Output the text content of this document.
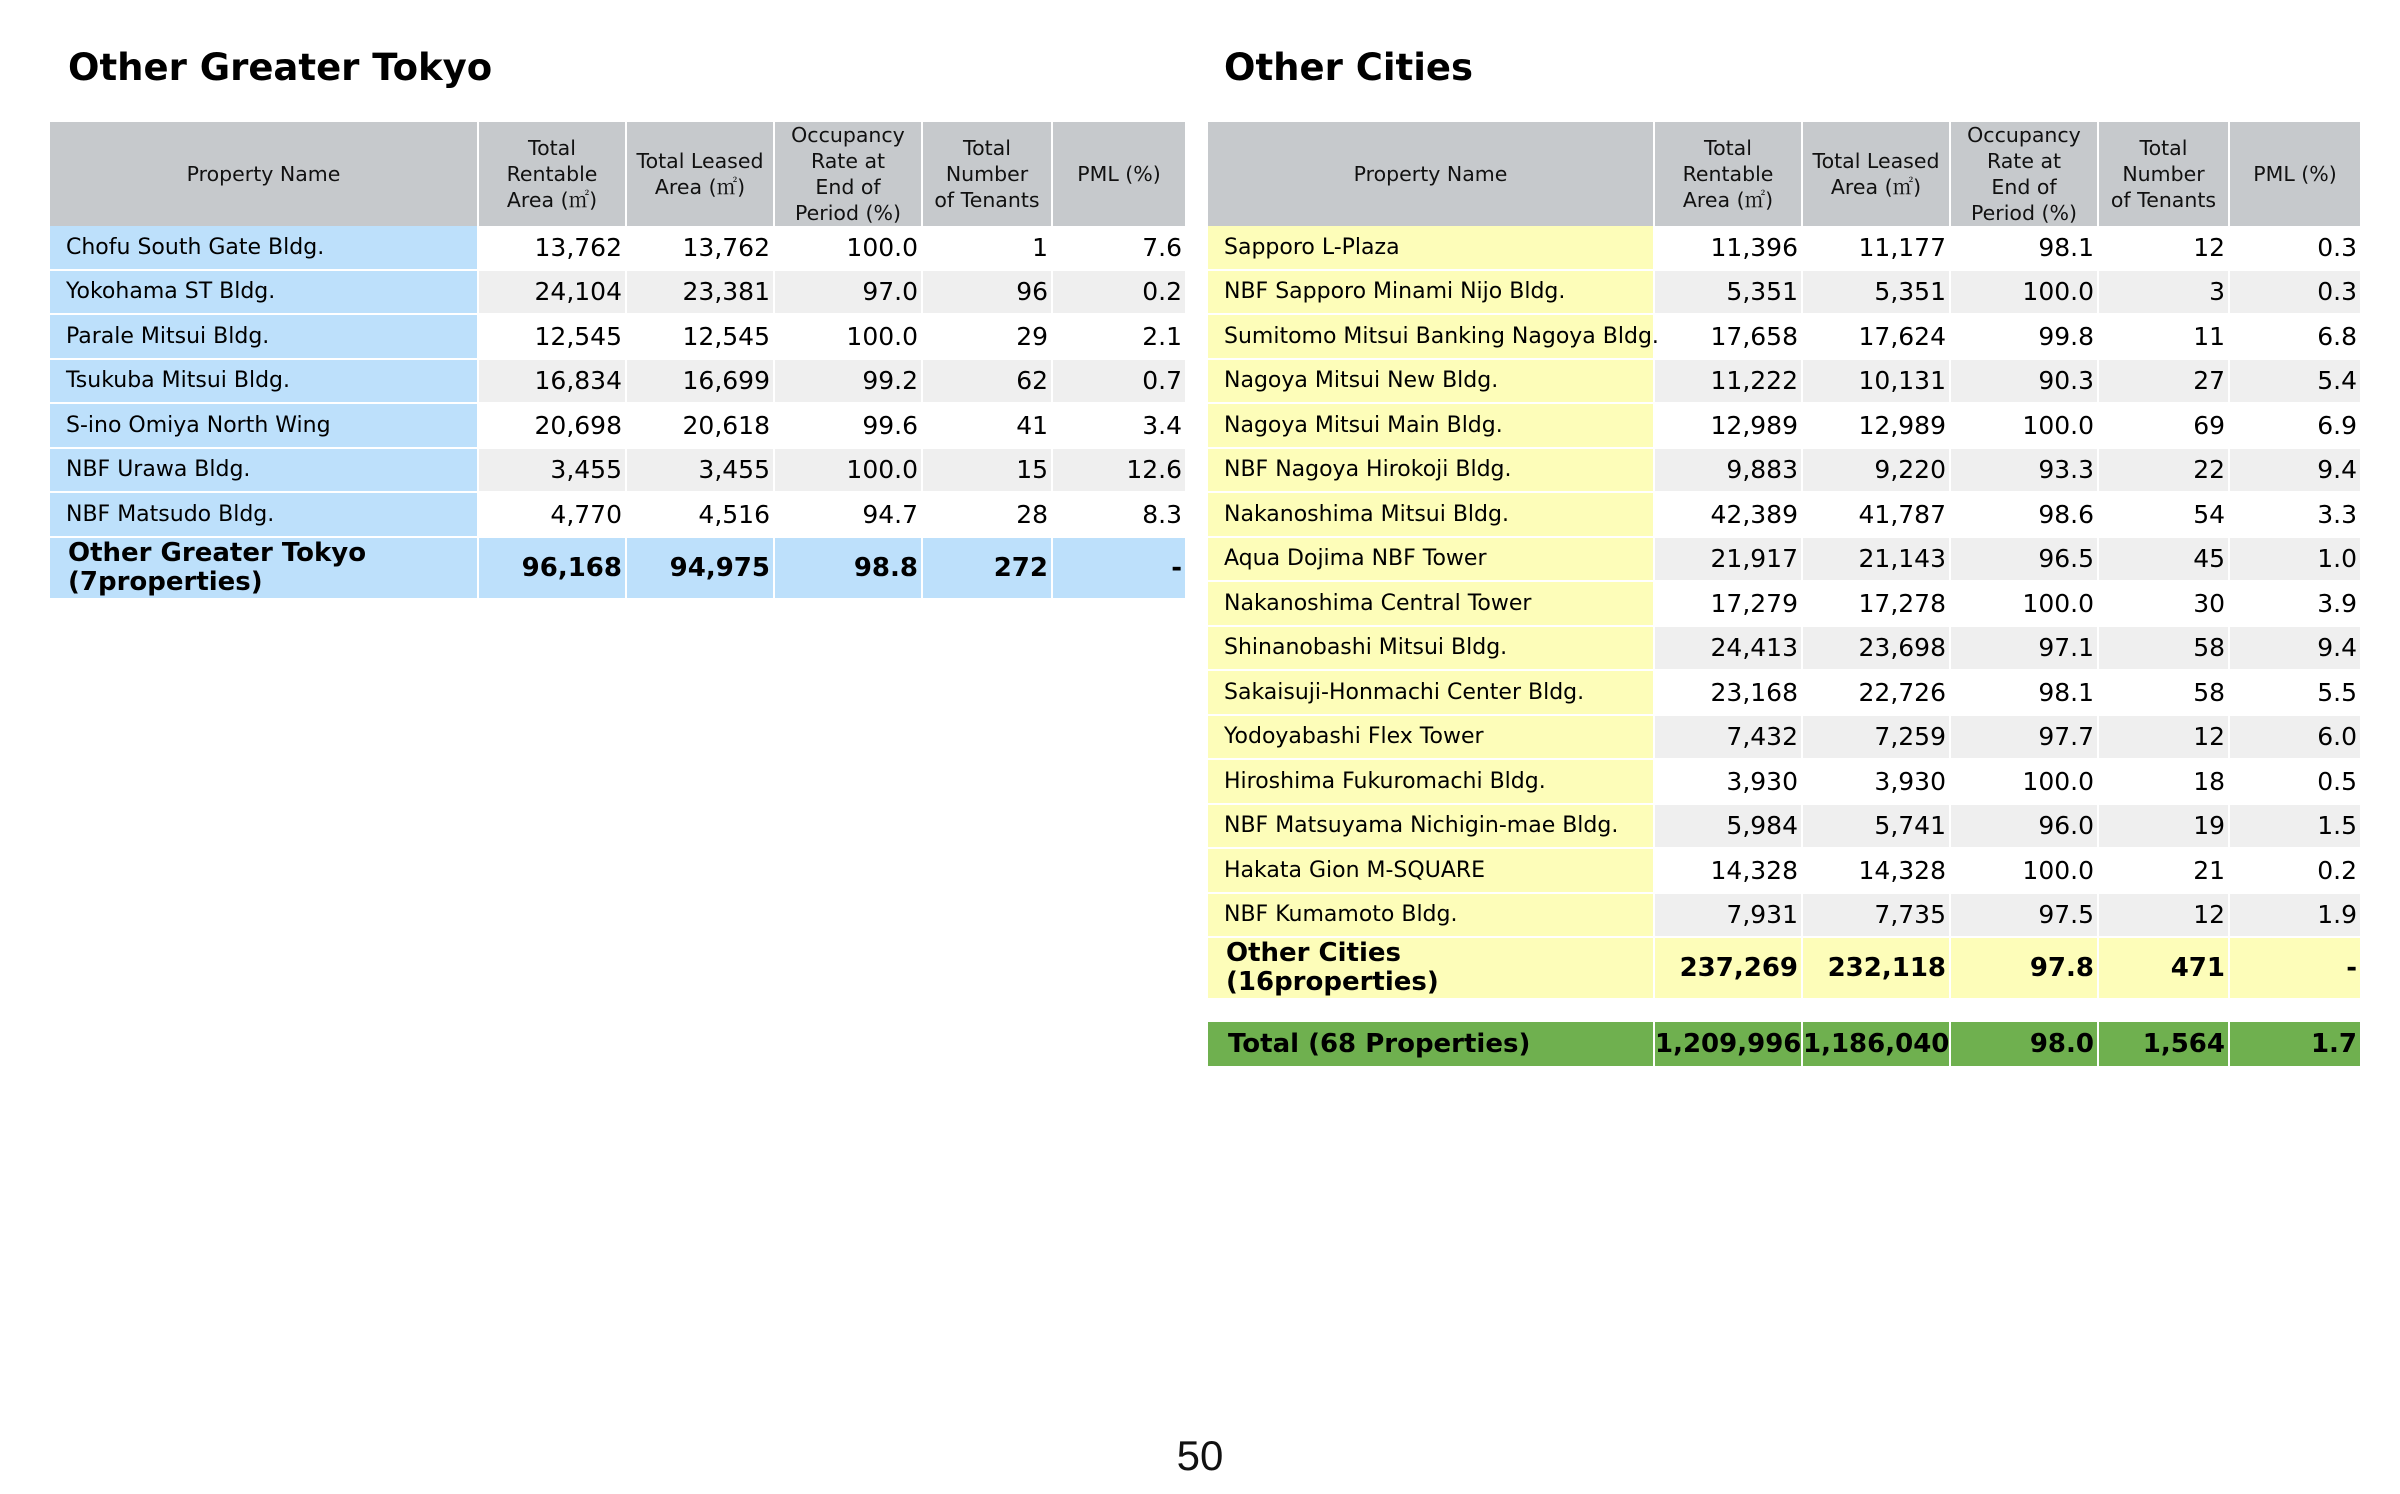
Other Greater Tokyo	Other Cities
Property Name	Total
Rentable
Area (㎡)	Total Leased
Area (㎡)	Occupancy
Rate at
End of
Period (%)	Total
Number
of Tenants	PML (%)
Chofu South Gate Bldg.	13,762	13,762	100.0	1	7.6
Yokohama ST Bldg.	24,104	23,381	97.0	96	0.2
Parale Mitsui Bldg.	12,545	12,545	100.0	29	2.1
Tsukuba Mitsui Bldg.	16,834	16,699	99.2	62	0.7
S-ino Omiya North Wing	20,698	20,618	99.6	41	3.4
NBF Urawa Bldg.	3,455	3,455	100.0	15	12.6
NBF Matsudo Bldg.	4,770	4,516	94.7	28	8.3
Other Greater Tokyo
(7properties)	96,168	94,975	98.8	272	-
Property Name	Total
Rentable
Area (㎡)	Total Leased
Area (㎡)	Occupancy
Rate at
End of
Period (%)	Total
Number
of Tenants	PML (%)
Sapporo L-Plaza	11,396	11,177	98.1	12	0.3
NBF Sapporo Minami Nijo Bldg.	5,351	5,351	100.0	3	0.3
Sumitomo Mitsui Banking Nagoya Bldg.	17,658	17,624	99.8	11	6.8
Nagoya Mitsui New Bldg.	11,222	10,131	90.3	27	5.4
Nagoya Mitsui Main Bldg.	12,989	12,989	100.0	69	6.9
NBF Nagoya Hirokoji Bldg.	9,883	9,220	93.3	22	9.4
Nakanoshima Mitsui Bldg.	42,389	41,787	98.6	54	3.3
Aqua Dojima NBF Tower	21,917	21,143	96.5	45	1.0
Nakanoshima Central Tower	17,279	17,278	100.0	30	3.9
Shinanobashi Mitsui Bldg.	24,413	23,698	97.1	58	9.4
Sakaisuji-Honmachi Center Bldg.	23,168	22,726	98.1	58	5.5
Yodoyabashi Flex Tower	7,432	7,259	97.7	12	6.0
Hiroshima Fukuromachi Bldg.	3,930	3,930	100.0	18	0.5
NBF Matsuyama Nichigin-mae Bldg.	5,984	5,741	96.0	19	1.5
Hakata Gion M-SQUARE	14,328	14,328	100.0	21	0.2
NBF Kumamoto Bldg.	7,931	7,735	97.5	12	1.9
Other Cities
(16properties)	237,269	232,118	97.8	471	-
Total (68 Properties)	1,209,996	1,186,040	98.0	1,564	1.7
50
